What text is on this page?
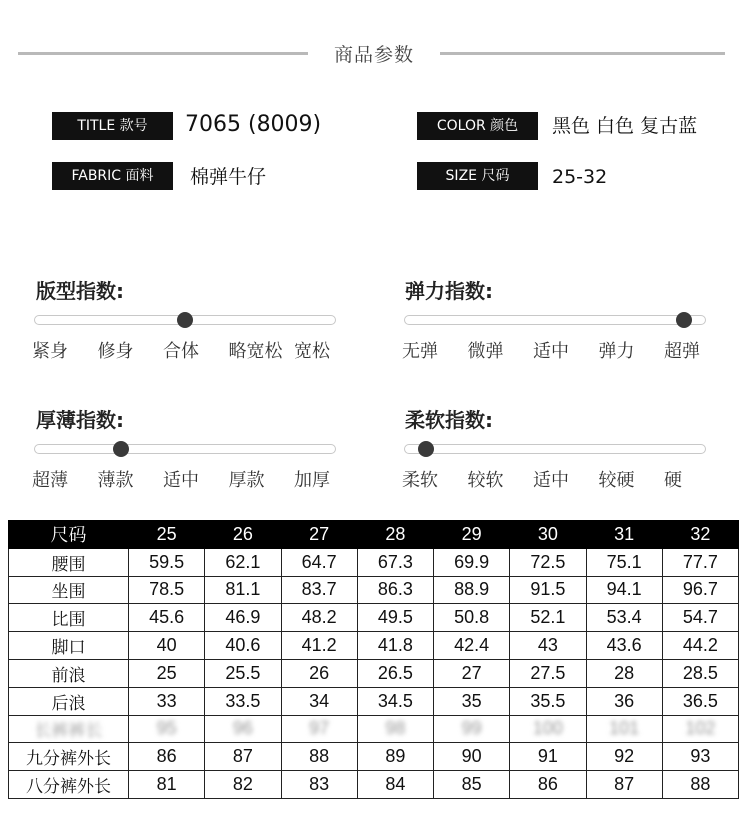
商品参数
TITLE 款号	7065 (8009)	COLOR 颜色	黑色 白色 复古蓝
FABRIC 面料	棉弹牛仔	SIZE 尺码	25-32
版型指数:
紧身 修身 合体 略宽松 宽松
弹力指数:
无弹 微弹 适中 弹力 超弹
厚薄指数:
超薄 薄款 适中 厚款 加厚
柔软指数:
柔软 较软 适中 较硬 硬
尺码	25	26	27	28	29	30	31	32
腰围	59.5	62.1	64.7	67.3	69.9	72.5	75.1	77.7
坐围	78.5	81.1	83.7	86.3	88.9	91.5	94.1	96.7
比围	45.6	46.9	48.2	49.5	50.8	52.1	53.4	54.7
脚口	40	40.6	41.2	41.8	42.4	43	43.6	44.2
前浪	25	25.5	26	26.5	27	27.5	28	28.5
后浪	33	33.5	34	34.5	35	35.5	36	36.5
长裤裤长	95	96	97	98	99	100	101	102
九分裤外长	86	87	88	89	90	91	92	93
八分裤外长	81	82	83	84	85	86	87	88
